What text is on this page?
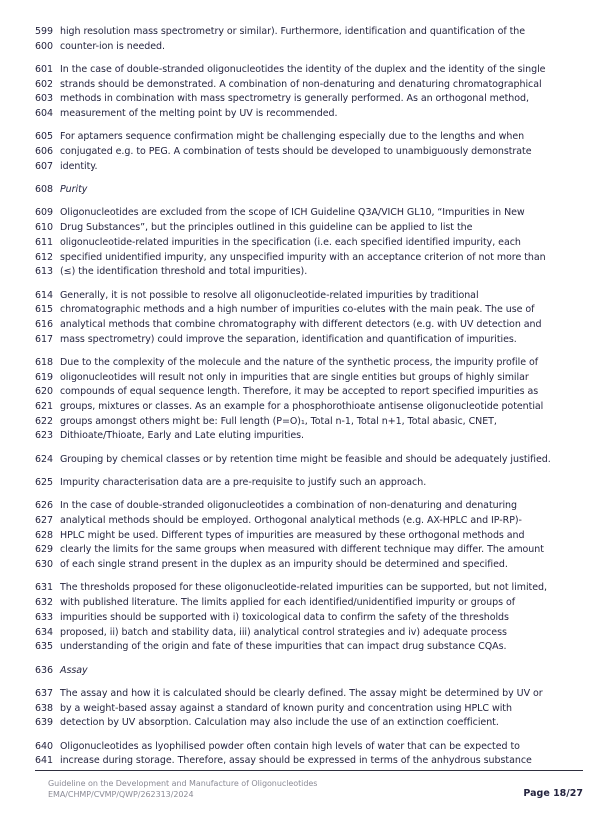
599 high resolution mass spectrometry or similar). Furthermore, identification and quantification of the
600 counter-ion is needed.
601 In the case of double-stranded oligonucleotides the identity of the duplex and the identity of the single
602 strands should be demonstrated. A combination of non-denaturing and denaturing chromatographical
603 methods in combination with mass spectrometry is generally performed. As an orthogonal method,
604 measurement of the melting point by UV is recommended.
605 For aptamers sequence confirmation might be challenging especially due to the lengths and when
606 conjugated e.g. to PEG. A combination of tests should be developed to unambiguously demonstrate
607 identity.
608 Purity
609 Oligonucleotides are excluded from the scope of ICH Guideline Q3A/VICH GL10, “Impurities in New
610 Drug Substances”, but the principles outlined in this guideline can be applied to list the
611 oligonucleotide-related impurities in the specification (i.e. each specified identified impurity, each
612 specified unidentified impurity, any unspecified impurity with an acceptance criterion of not more than
613 (≤) the identification threshold and total impurities).
614 Generally, it is not possible to resolve all oligonucleotide-related impurities by traditional
615 chromatographic methods and a high number of impurities co-elutes with the main peak. The use of
616 analytical methods that combine chromatography with different detectors (e.g. with UV detection and
617 mass spectrometry) could improve the separation, identification and quantification of impurities.
618 Due to the complexity of the molecule and the nature of the synthetic process, the impurity profile of
619 oligonucleotides will result not only in impurities that are single entities but groups of highly similar
620 compounds of equal sequence length. Therefore, it may be accepted to report specified impurities as
621 groups, mixtures or classes. As an example for a phosphorothioate antisense oligonucleotide potential
622 groups amongst others might be: Full length (P=O)₁, Total n-1, Total n+1, Total abasic, CNET,
623 Dithioate/Thioate, Early and Late eluting impurities.
624 Grouping by chemical classes or by retention time might be feasible and should be adequately justified.
625 Impurity characterisation data are a pre-requisite to justify such an approach.
626 In the case of double-stranded oligonucleotides a combination of non-denaturing and denaturing
627 analytical methods should be employed. Orthogonal analytical methods (e.g. AX-HPLC and IP-RP)-
628 HPLC might be used. Different types of impurities are measured by these orthogonal methods and
629 clearly the limits for the same groups when measured with different technique may differ. The amount
630 of each single strand present in the duplex as an impurity should be determined and specified.
631 The thresholds proposed for these oligonucleotide-related impurities can be supported, but not limited,
632 with published literature. The limits applied for each identified/unidentified impurity or groups of
633 impurities should be supported with i) toxicological data to confirm the safety of the thresholds
634 proposed, ii) batch and stability data, iii) analytical control strategies and iv) adequate process
635 understanding of the origin and fate of these impurities that can impact drug substance CQAs.
636 Assay
637 The assay and how it is calculated should be clearly defined. The assay might be determined by UV or
638 by a weight-based assay against a standard of known purity and concentration using HPLC with
639 detection by UV absorption. Calculation may also include the use of an extinction coefficient.
640 Oligonucleotides as lyophilised powder often contain high levels of water that can be expected to
641 increase during storage. Therefore, assay should be expressed in terms of the anhydrous substance
Guideline on the Development and Manufacture of Oligonucleotides
EMA/CHMP/CVMP/QWP/262313/2024	Page 18/27
